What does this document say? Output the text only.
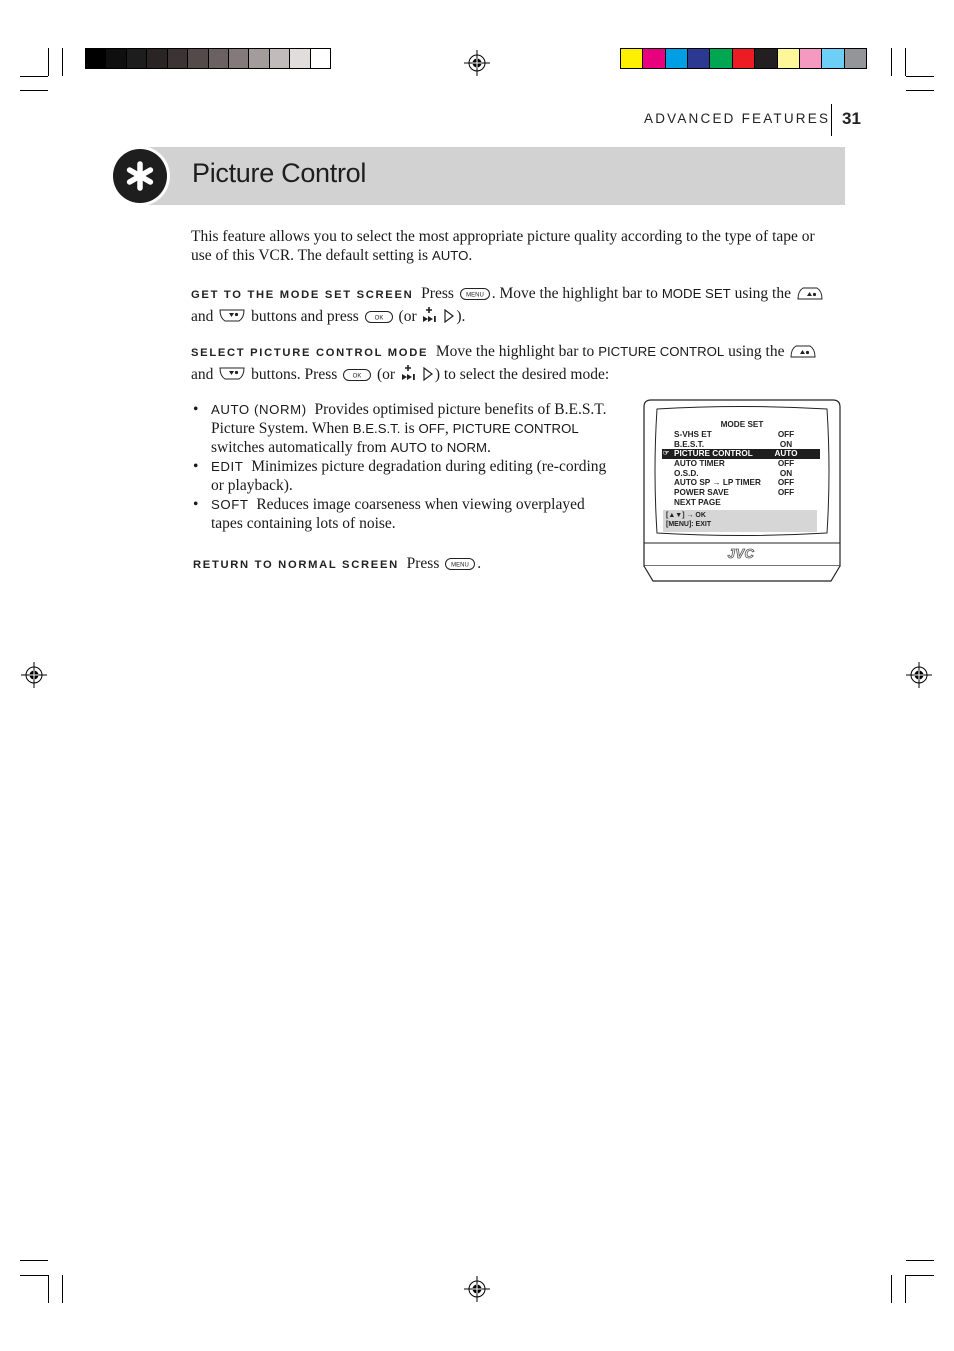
ADVANCED FEATURES 31
Picture Control
This feature allows you to select the most appropriate picture quality according to the type of tape or use of this VCR. The default setting is AUTO.
GET TO THE MODE SET SCREEN Press MENU . Move the highlight bar to MODE SET using the
and buttons and press	OK (or	).
SELECT PICTURE CONTROL MODE Move the highlight bar to PICTURE CONTROL using the
and buttons. Press	OK (or	) to select the desired mode:
• AUTO (NORM) Provides optimised picture benefits of B.E.S.T. Picture System. When B.E.S.T. is OFF, PICTURE CONTROL switches automatically from AUTO to NORM.
• EDIT Minimizes picture degradation during editing (re-cording or playback).
• SOFT Reduces image coarseness when viewing overplayed tapes containing lots of noise.
RETURN TO NORMAL SCREEN Press MENU .
MODE SET
S-VHS ET	OFF
B.E.S.T.	ON
☞ PICTURE CONTROL	AUTO
AUTO TIMER	OFF
O.S.D.	ON
AUTO SP → LP TIMER	OFF
POWER SAVE	OFF
NEXT PAGE
[▲▼] → OK
[MENU]: EXIT
JVC
